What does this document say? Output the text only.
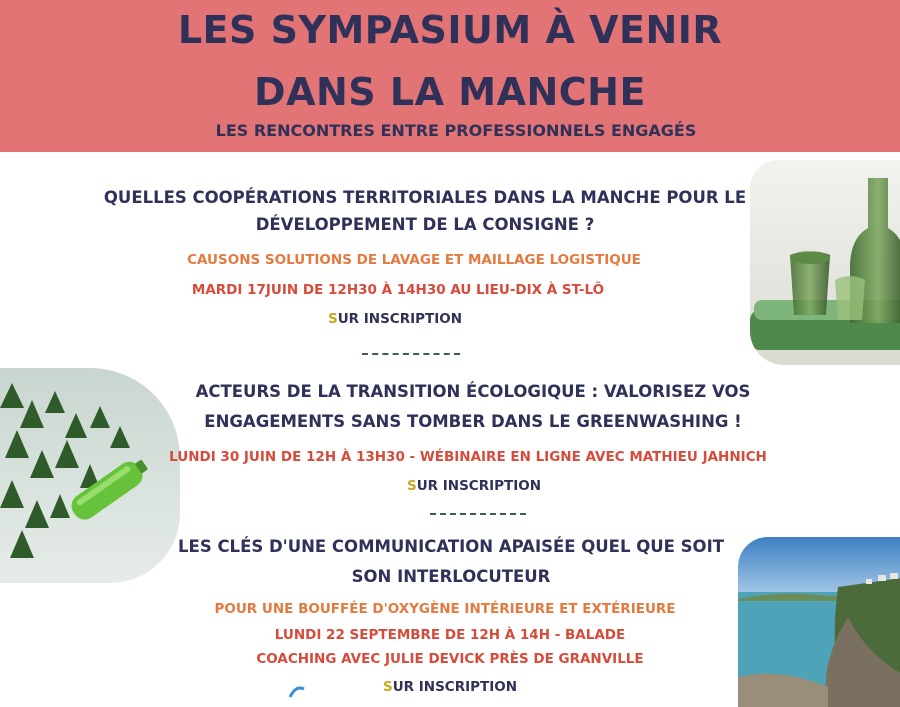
LES SYMPASIUM À VENIR
DANS LA MANCHE
LES RENCONTRES ENTRE PROFESSIONNELS ENGAGÉS
QUELLES COOPÉRATIONS TERRITORIALES DANS LA MANCHE POUR LE
DÉVELOPPEMENT DE LA CONSIGNE ?
CAUSONS SOLUTIONS DE LAVAGE ET MAILLAGE LOGISTIQUE
MARDI 17JUIN DE 12H30 À 14H30 AU LIEU-DIX À ST-LÔ
SUR INSCRIPTION
ACTEURS DE LA TRANSITION ÉCOLOGIQUE : VALORISEZ VOS
ENGAGEMENTS SANS TOMBER DANS LE GREENWASHING !
LUNDI 30 JUIN DE 12H À 13H30 - WÉBINAIRE EN LIGNE AVEC MATHIEU JAHNICH
SUR INSCRIPTION
LES CLÉS D'UNE COMMUNICATION APAISÉE QUEL QUE SOIT
SON INTERLOCUTEUR
POUR UNE BOUFFÉE D'OXYGÈNE INTÉRIEURE ET EXTÉRIEURE
LUNDI 22 SEPTEMBRE DE 12H À 14H - BALADE
COACHING AVEC JULIE DEVICK PRÈS DE GRANVILLE
SUR INSCRIPTION
